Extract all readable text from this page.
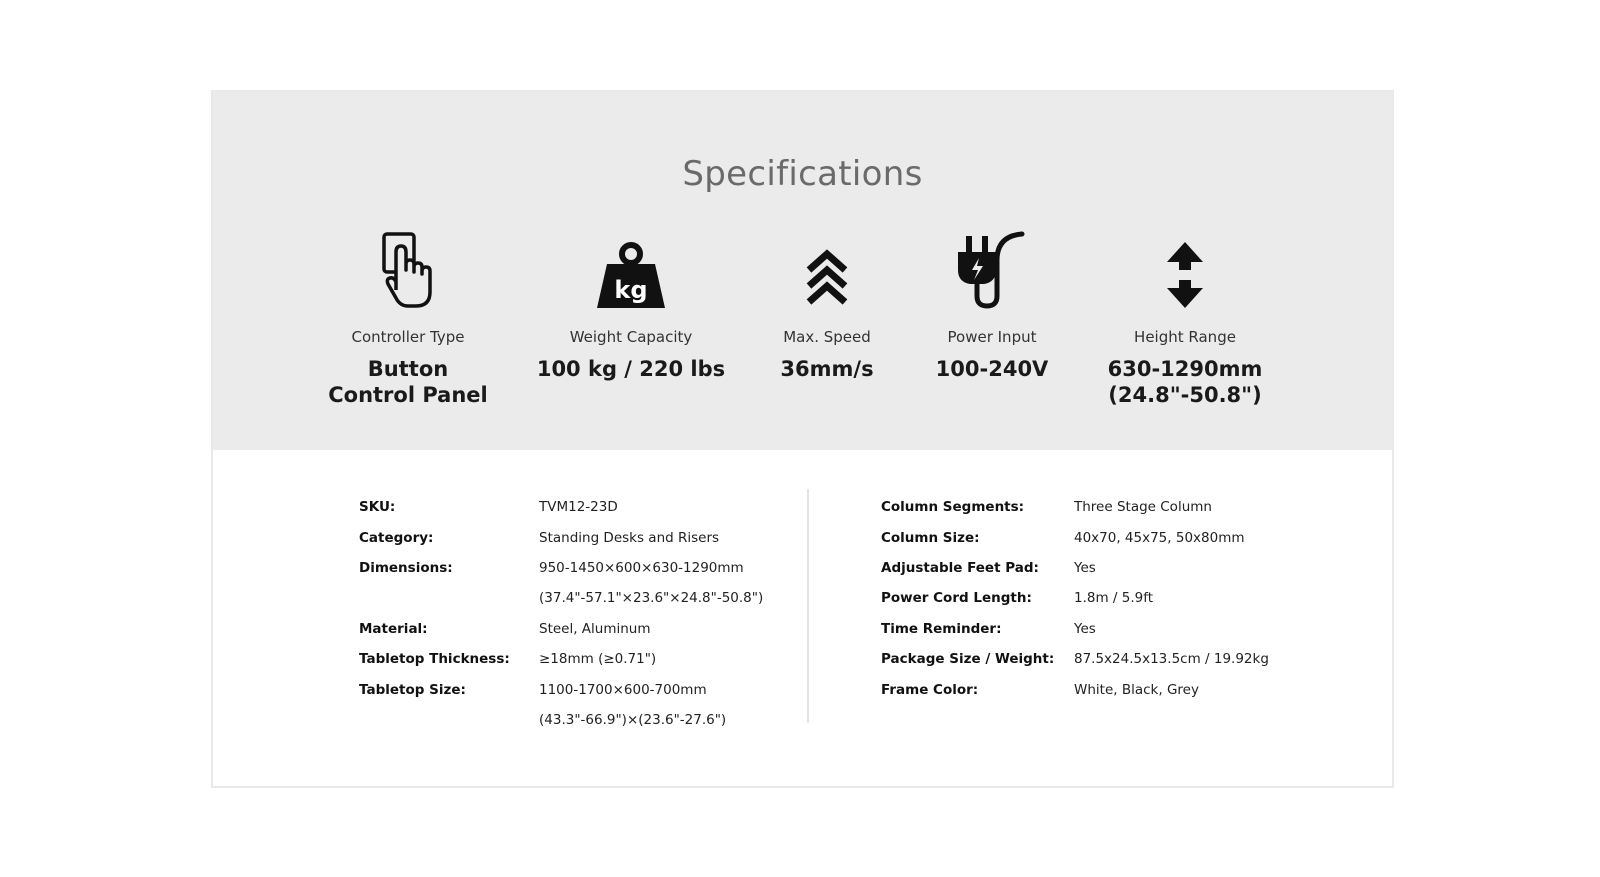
Specifications
Controller Type
Button
Control Panel
kg
Weight Capacity
100 kg / 220 lbs
Max. Speed
36mm/s
Power Input
100-240V
Height Range
630-1290mm
(24.8"-50.8")
SKU:	TVM12-23D
Category:	Standing Desks and Risers
Dimensions:	950-1450×600×630-1290mm
(37.4"-57.1"×23.6"×24.8"-50.8")
Material:	Steel, Aluminum
Tabletop Thickness:	≥18mm (≥0.71")
Tabletop Size:	1100-1700×600-700mm
(43.3"-66.9")×(23.6"-27.6")
Column Segments:	Three Stage Column
Column Size:	40x70, 45x75, 50x80mm
Adjustable Feet Pad:	Yes
Power Cord Length:	1.8m / 5.9ft
Time Reminder:	Yes
Package Size / Weight:	87.5x24.5x13.5cm / 19.92kg
Frame Color:	White, Black, Grey
